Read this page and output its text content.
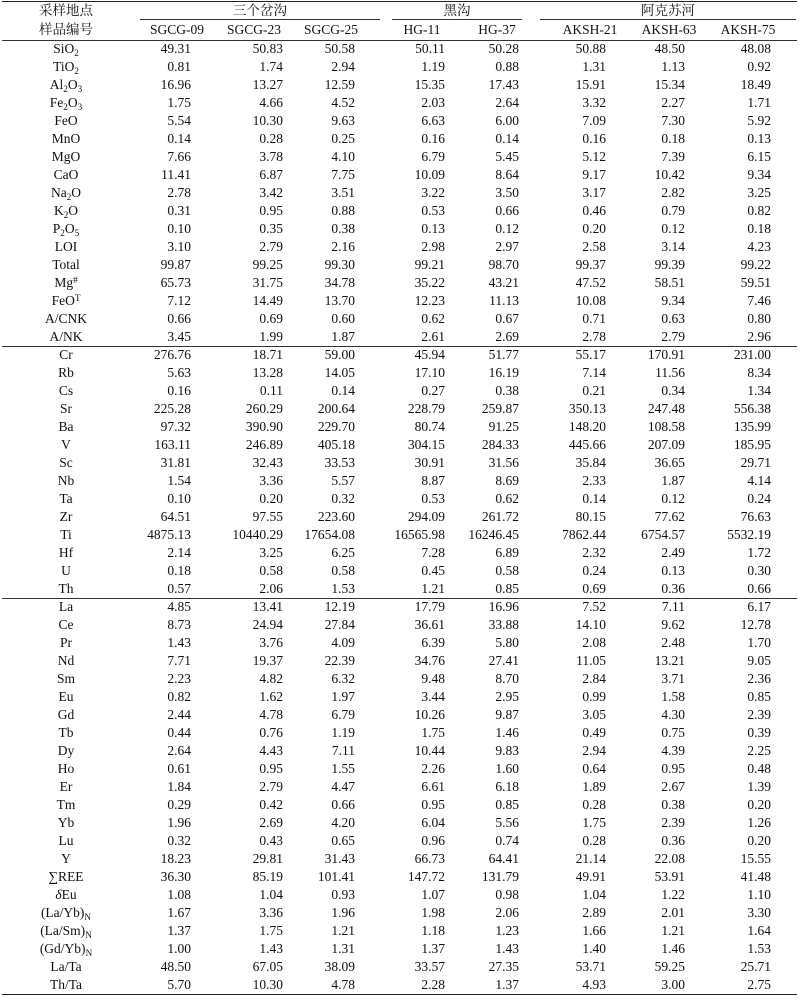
采样地点	三个岔沟	黑沟	阿克苏河
样品编号	SGCG-09	SGCG-23	SGCG-25	HG-11	HG-37	AKSH-21	AKSH-63	AKSH-75
SiO$_2$	49.31	50.83	50.58	50.11	50.28	50.88	48.50	48.08
TiO$_2$	0.81	1.74	2.94	1.19	0.88	1.31	1.13	0.92
$Al_2O_3$	16.96	13.27	12.59	15.35	17.43	15.91	15.34	18.49
$Fe_2O_3$	1.75	4.66	4.52	2.03	2.64	3.32	2.27	1.71
FeO	5.54	10.30	9.63	6.63	6.00	7.09	7.30	5.92
MnO	0.14	0.28	0.25	0.16	0.14	0.16	0.18	0.13
MgO	7.66	3.78	4.10	6.79	5.45	5.12	7.39	6.15
CaO	11.41	6.87	7.75	10.09	8.64	9.17	10.42	9.34
$Na_2O$	2.78	3.42	3.51	3.22	3.50	3.17	2.82	3.25
$K_2O$	0.31	0.95	0.88	0.53	0.66	0.46	0.79	0.82
$P_2O_5$	0.10	0.35	0.38	0.13	0.12	0.20	0.12	0.18
LOI	3.10	2.79	2.16	2.98	2.97	2.58	3.14	4.23
Total	99.87	99.25	99.30	99.21	98.70	99.37	99.39	99.22
Mg#	65.73	31.75	34.78	35.22	43.21	47.52	58.51	59.51
FeO$^T$	7.12	14.49	13.70	12.23	11.13	10.08	9.34	7.46
A/CNK	0.66	0.69	0.60	0.62	0.67	0.71	0.63	0.80
A/NK	3.45	1.99	1.87	2.61	2.69	2.78	2.79	2.96
Cr	276.76	18.71	59.00	45.94	51.77	55.17	170.91	231.00
Rb	5.63	13.28	14.05	17.10	16.19	7.14	11.56	8.34
Cs	0.16	0.11	0.14	0.27	0.38	0.21	0.34	1.34
Sr	225.28	260.29	200.64	228.79	259.87	350.13	247.48	556.38
Ba	97.32	390.90	229.70	80.74	91.25	148.20	108.58	135.99
V	163.11	246.89	405.18	304.15	284.33	445.66	207.09	185.95
Sc	31.81	32.43	33.53	30.91	31.56	35.84	36.65	29.71
Nb	1.54	3.36	5.57	8.87	8.69	2.33	1.87	4.14
Ta	0.10	0.20	0.32	0.53	0.62	0.14	0.12	0.24
Zr	64.51	97.55	223.60	294.09	261.72	80.15	77.62	76.63
Ti	4875.13	10440.29	17654.08	16565.98	16246.45	7862.44	6754.57	5532.19
Hf	2.14	3.25	6.25	7.28	6.89	2.32	2.49	1.72
U	0.18	0.58	0.58	0.45	0.58	0.24	0.13	0.30
Th	0.57	2.06	1.53	1.21	0.85	0.69	0.36	0.66
La	4.85	13.41	12.19	17.79	16.96	7.52	7.11	6.17
Ce	8.73	24.94	27.84	36.61	33.88	14.10	9.62	12.78
Pr	1.43	3.76	4.09	6.39	5.80	2.08	2.48	1.70
Nd	7.71	19.37	22.39	34.76	27.41	11.05	13.21	9.05
Sm	2.23	4.82	6.32	9.48	8.70	2.84	3.71	2.36
Eu	0.82	1.62	1.97	3.44	2.95	0.99	1.58	0.85
Gd	2.44	4.78	6.79	10.26	9.87	3.05	4.30	2.39
Tb	0.44	0.76	1.19	1.75	1.46	0.49	0.75	0.39
Dy	2.64	4.43	7.11	10.44	9.83	2.94	4.39	2.25
Ho	0.61	0.95	1.55	2.26	1.60	0.64	0.95	0.48
Er	1.84	2.79	4.47	6.61	6.18	1.89	2.67	1.39
Tm	0.29	0.42	0.66	0.95	0.85	0.28	0.38	0.20
Yb	1.96	2.69	4.20	6.04	5.56	1.75	2.39	1.26
Lu	0.32	0.43	0.65	0.96	0.74	0.28	0.36	0.20
Y	18.23	29.81	31.43	66.73	64.41	21.14	22.08	15.55
∑REE	36.30	85.19	101.41	147.72	131.79	49.91	53.91	41.48
δEu	1.08	1.04	0.93	1.07	0.98	1.04	1.22	1.10
$(La/Yb)_N$	1.67	3.36	1.96	1.98	2.06	2.89	2.01	3.30
$(La/Sm)_N$	1.37	1.75	1.21	1.18	1.23	1.66	1.21	1.64
$(Gd/Yb)_N$	1.00	1.43	1.31	1.37	1.43	1.40	1.46	1.53
La/Ta	48.50	67.05	38.09	33.57	27.35	53.71	59.25	25.71
Th/Ta	5.70	10.30	4.78	2.28	1.37	4.93	3.00	2.75
